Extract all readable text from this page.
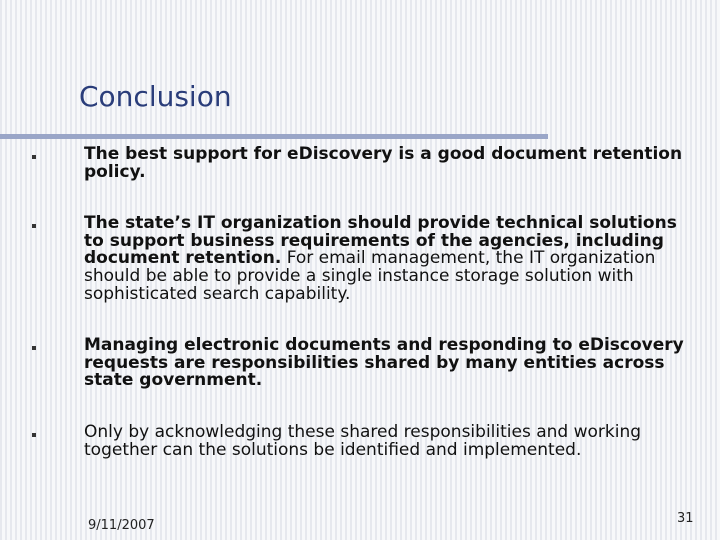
Conclusion
The best support for eDiscovery is a good document retention policy.
The state’s IT organization should provide technical solutions to support business requirements of the agencies, including document retention. For email management, the IT organization should be able to provide a single instance storage solution with sophisticated search capability.
Managing electronic documents and responding to eDiscovery requests are responsibilities shared by many entities across state government.
Only by acknowledging these shared responsibilities and working together can the solutions be identified and implemented.
9/11/2007	31
